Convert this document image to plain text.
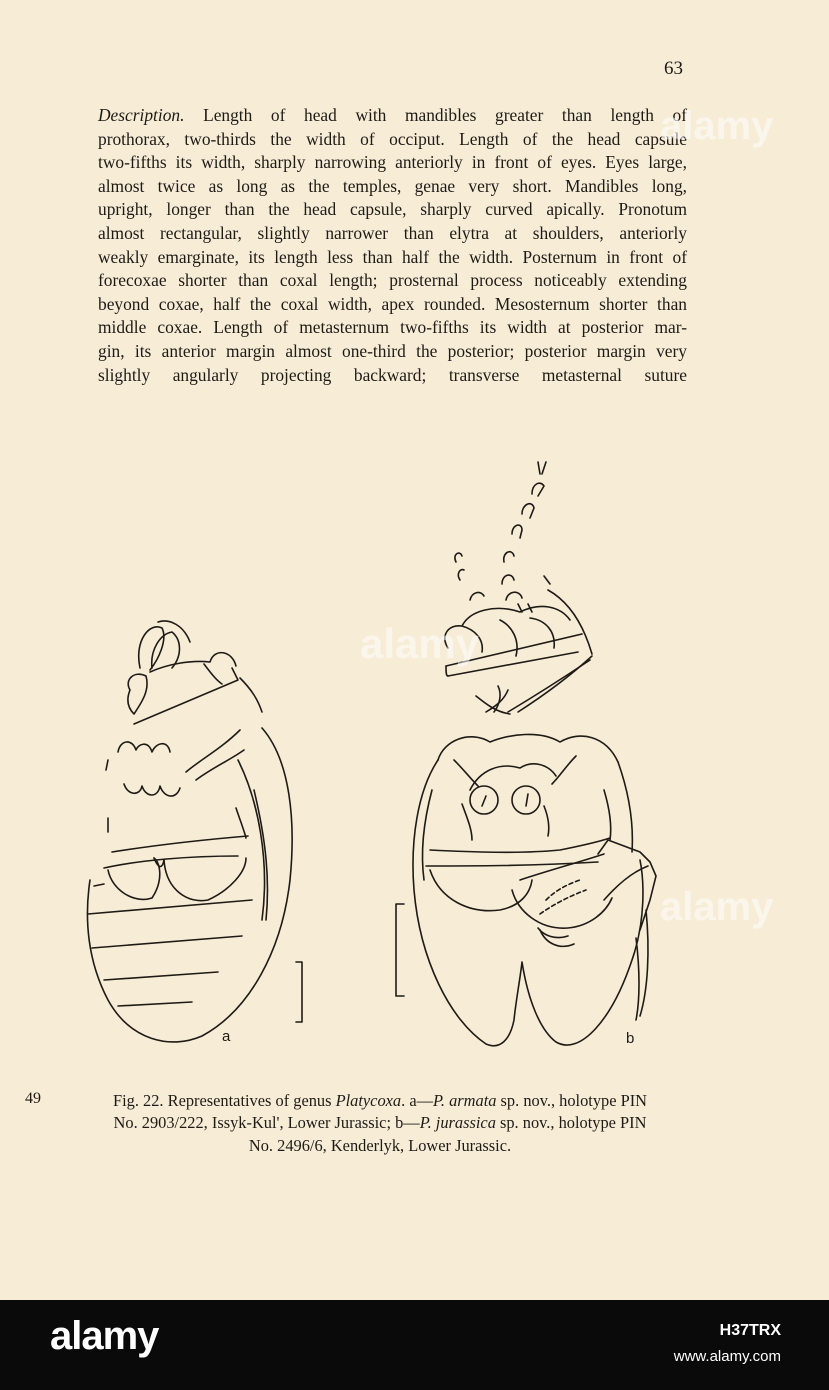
63
Description. Length of head with mandibles greater than length of
prothorax, two-thirds the width of occiput. Length of the head capsule
two-fifths its width, sharply narrowing anteriorly in front of eyes. Eyes large,
almost twice as long as the temples, genae very short. Mandibles long,
upright, longer than the head capsule, sharply curved apically. Pronotum
almost rectangular, slightly narrower than elytra at shoulders, anteriorly
weakly emarginate, its length less than half the width. Posternum in front of
forecoxae shorter than coxal length; prosternal process noticeably extending
beyond coxae, half the coxal width, apex rounded. Mesosternum shorter than
middle coxae. Length of metasternum two-fifths its width at posterior mar-
gin, its anterior margin almost one-third the posterior; posterior margin very
slightly angularly projecting backward; transverse metasternal suture
a	b
49	Fig. 22. Representatives of genus Platycoxa. a—P. armata sp. nov., holotype PIN
No. 2903/222, Issyk-Kul', Lower Jurassic; b—P. jurassica sp. nov., holotype PIN
No. 2496/6, Kenderlyk, Lower Jurassic.
alamy
alamy
alamy
alamy	H37TRX
www.alamy.com
